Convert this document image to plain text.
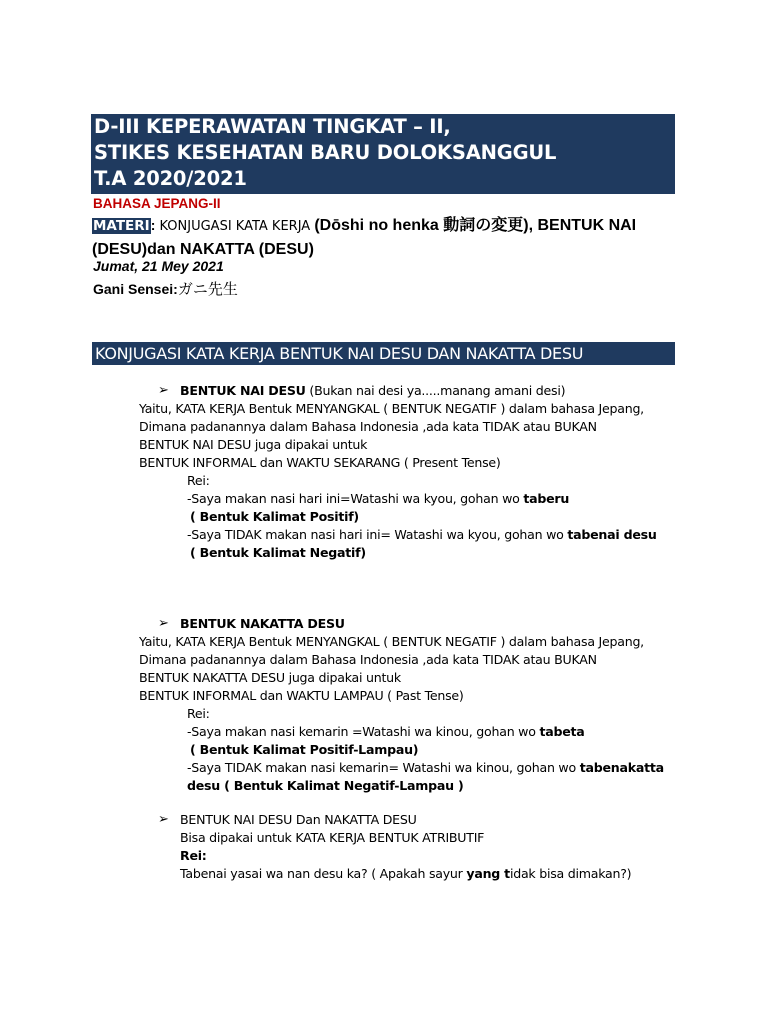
D-III KEPERAWATAN TINGKAT – II,
STIKES KESEHATAN BARU DOLOKSANGGUL
T.A 2020/2021
BAHASA JEPANG-II
MATERI: KONJUGASI KATA KERJA (Dōshi no henka 動詞の変更), BENTUK NAI (DESU)dan NAKATTA (DESU)
Jumat, 21 Mey 2021
Gani Sensei:ガニ先生
KONJUGASI KATA KERJA BENTUK NAI DESU DAN NAKATTA DESU
➢ BENTUK NAI DESU (Bukan nai desi ya.....manang amani desi)
Yaitu, KATA KERJA Bentuk MENYANGKAL ( BENTUK NEGATIF ) dalam bahasa Jepang,
Dimana padanannya dalam Bahasa Indonesia ,ada kata TIDAK atau BUKAN
BENTUK NAI DESU juga dipakai untuk
BENTUK INFORMAL dan WAKTU SEKARANG ( Present Tense)
Rei:
-Saya makan nasi hari ini=Watashi wa kyou, gohan wo taberu
( Bentuk Kalimat Positif)
-Saya TIDAK makan nasi hari ini= Watashi wa kyou, gohan wo tabenai desu
( Bentuk Kalimat Negatif)
➢ BENTUK NAKATTA DESU
Yaitu, KATA KERJA Bentuk MENYANGKAL ( BENTUK NEGATIF ) dalam bahasa Jepang,
Dimana padanannya dalam Bahasa Indonesia ,ada kata TIDAK atau BUKAN
BENTUK NAKATTA DESU juga dipakai untuk
BENTUK INFORMAL dan WAKTU LAMPAU ( Past Tense)
Rei:
-Saya makan nasi kemarin =Watashi wa kinou, gohan wo tabeta
( Bentuk Kalimat Positif-Lampau)
-Saya TIDAK makan nasi kemarin= Watashi wa kinou, gohan wo tabenakatta
desu ( Bentuk Kalimat Negatif-Lampau )
➢ BENTUK NAI DESU Dan NAKATTA DESU
Bisa dipakai untuk KATA KERJA BENTUK ATRIBUTIF
Rei:
Tabenai yasai wa nan desu ka? ( Apakah sayur yang tidak bisa dimakan?)
